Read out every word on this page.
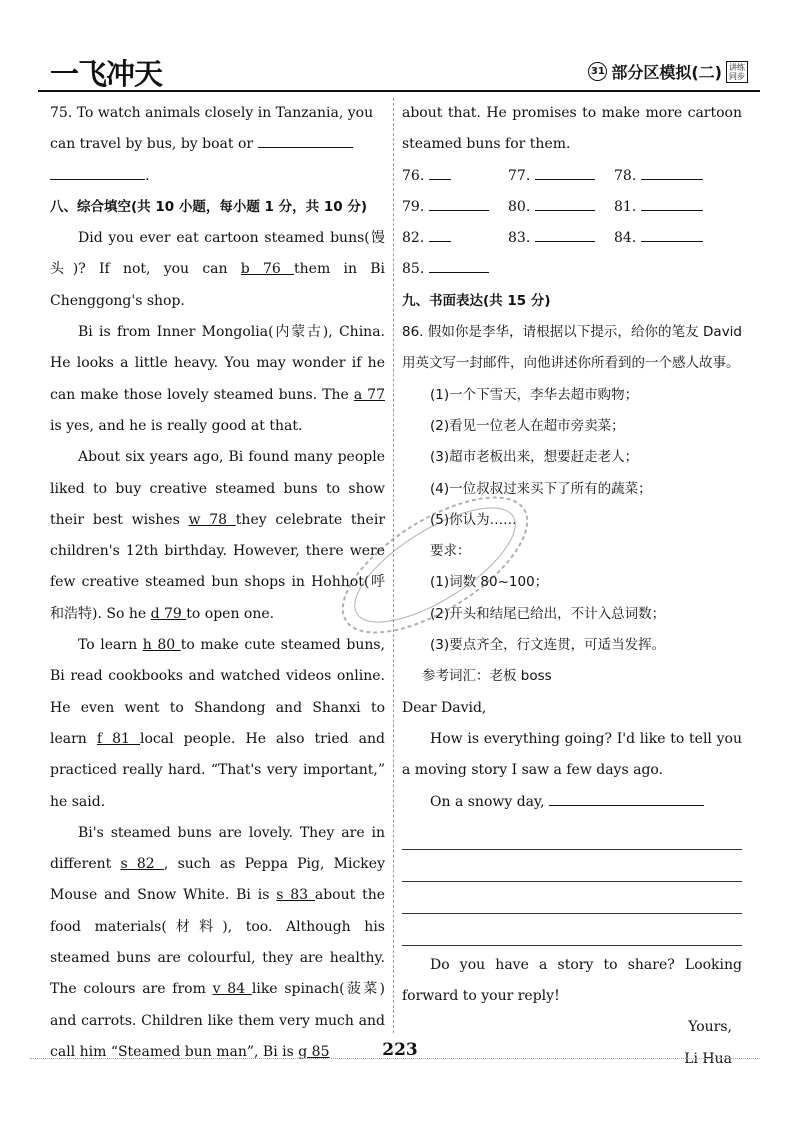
一飞冲天	31 部分区模拟(二) 讲练
同步

75. To watch animals closely in Tanzania, you
can travel by bus, by boat or
.

八、综合填空(共 10 小题，每小题 1 分，共 10 分)

Did you ever eat cartoon steamed buns(馒头)? If not, you can b 76 them in Bi Chenggong's shop.

Bi is from Inner Mongolia(内蒙古), China. He looks a little heavy. You may wonder if he can make those lovely steamed buns. The a 77 is yes, and he is really good at that.

About six years ago, Bi found many people liked to buy creative steamed buns to show their best wishes w 78 they celebrate their children's 12th birthday. However, there were few creative steamed bun shops in Hohhot(呼和浩特). So he d 79 to open one.

To learn h 80 to make cute steamed buns, Bi read cookbooks and watched videos online. He even went to Shandong and Shanxi to learn f 81 local people. He also tried and practiced really hard. “That's very important,” he said.

Bi's steamed buns are lovely. They are in different s 82 , such as Peppa Pig, Mickey Mouse and Snow White. Bi is s 83 about the food materials(材料), too. Although his steamed buns are colourful, they are healthy. The colours are from v 84 like spinach(菠菜) and carrots. Children like them very much and call him “Steamed bun man”, Bi is g 85

about that. He promises to make more cartoon steamed buns for them.

76.	77.	78.
79.	80.	81.
82.	83.	84.
85.

九、书面表达(共 15 分)

86. 假如你是李华，请根据以下提示，给你的笔友 David 用英文写一封邮件，向他讲述你所看到的一个感人故事。

(1)一个下雪天，李华去超市购物；
(2)看见一位老人在超市旁卖菜；
(3)超市老板出来，想要赶走老人；
(4)一位叔叔过来买下了所有的蔬菜；
(5)你认为……
要求：
(1)词数 80~100；
(2)开头和结尾已给出，不计入总词数；
(3)要点齐全，行文连贯，可适当发挥。

参考词汇：老板 boss

Dear David,

How is everything going? I'd like to tell you a moving story I saw a few days ago.

On a snowy day,

Do you have a story to share? Looking forward to your reply!

Yours,

Li Hua

223
